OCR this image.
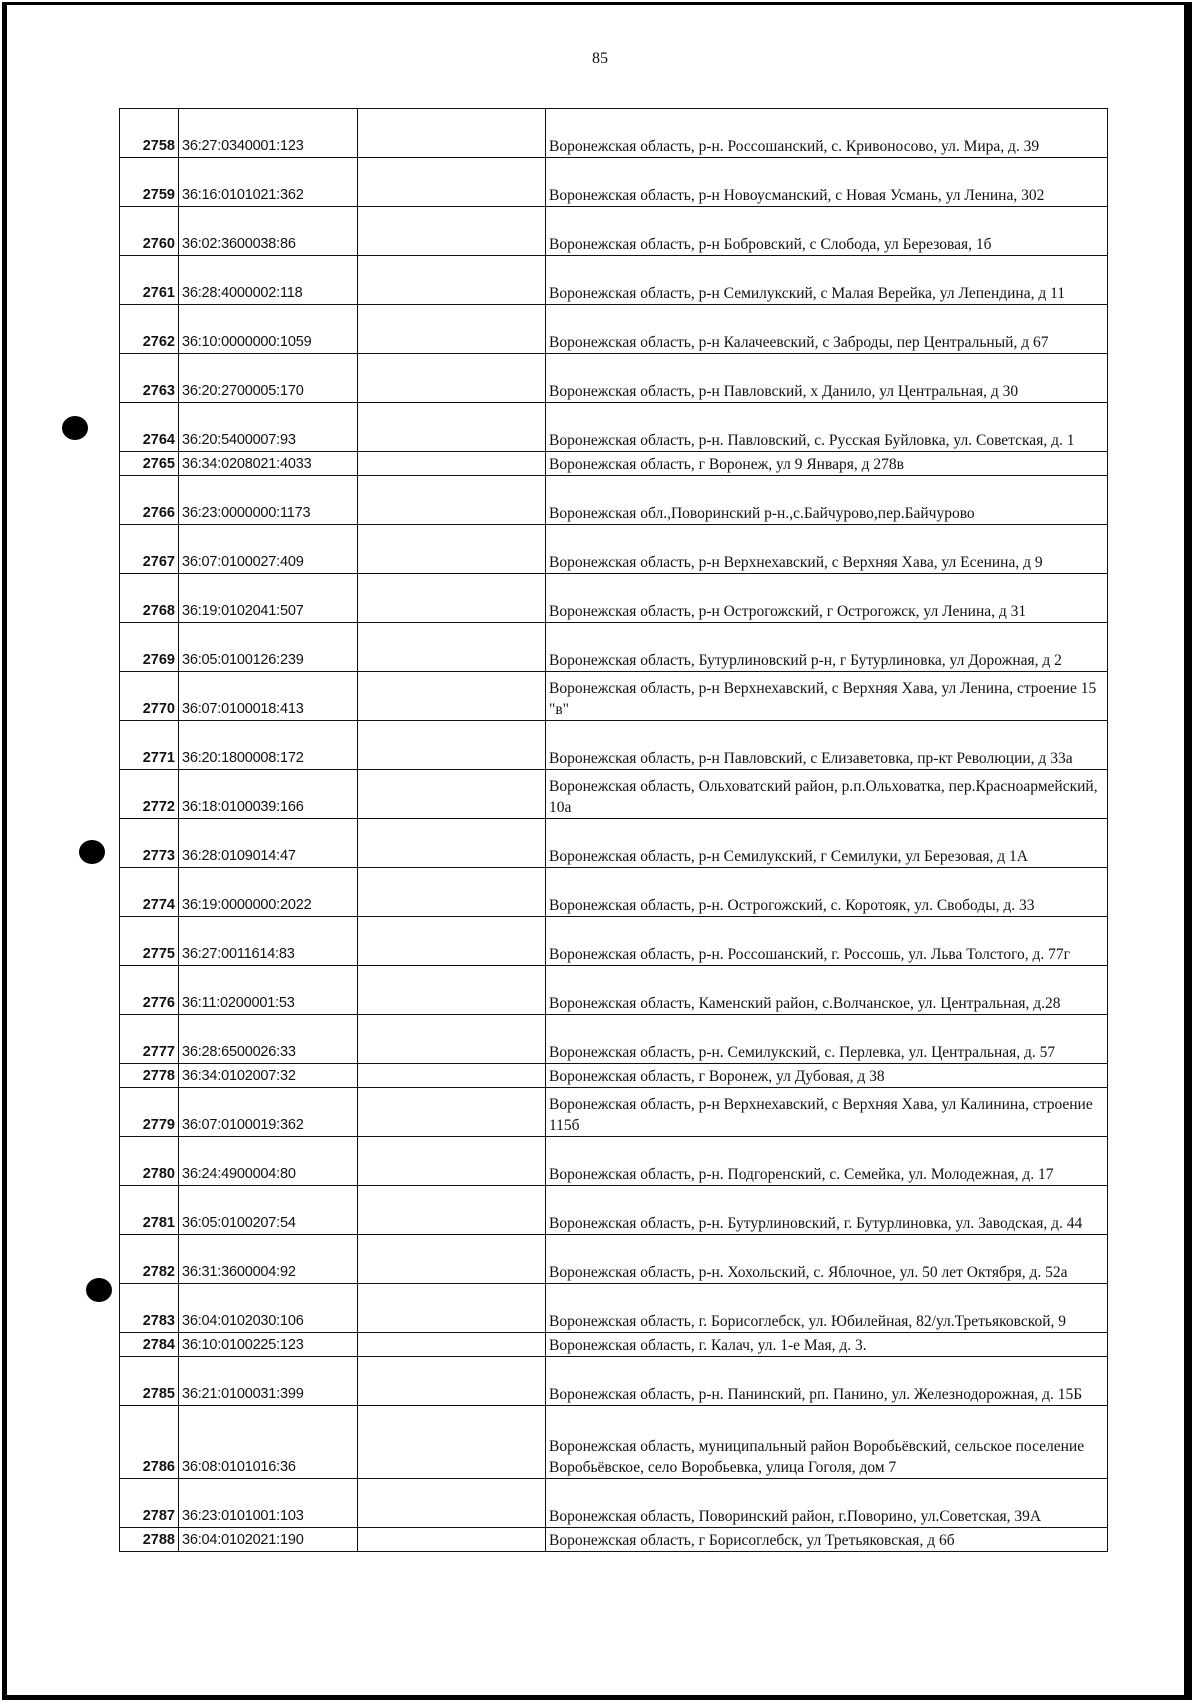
85
2758	36:27:0340001:123		Воронежская область, р-н. Россошанский, с. Кривоносово, ул. Мира, д. 39
2759	36:16:0101021:362		Воронежская область, р-н Новоусманский, с Новая Усмань, ул Ленина, 302
2760	36:02:3600038:86		Воронежская область, р-н Бобровский, с Слобода, ул Березовая, 1б
2761	36:28:4000002:118		Воронежская область, р-н Семилукский, с Малая Верейка, ул Лепендина, д 11
2762	36:10:0000000:1059		Воронежская область, р-н Калачеевский, с Заброды, пер Центральный, д 67
2763	36:20:2700005:170		Воронежская область, р-н Павловский, х Данило, ул Центральная, д 30
2764	36:20:5400007:93		Воронежская область, р-н. Павловский, с. Русская Буйловка, ул. Советская, д. 1
2765	36:34:0208021:4033		Воронежская область, г Воронеж, ул 9 Января, д 278в
2766	36:23:0000000:1173		Воронежская обл.,Поворинский р-н.,с.Байчурово,пер.Байчурово
2767	36:07:0100027:409		Воронежская область, р-н Верхнехавский, с Верхняя Хава, ул Есенина, д 9
2768	36:19:0102041:507		Воронежская область, р-н Острогожский, г Острогожск, ул Ленина, д 31
2769	36:05:0100126:239		Воронежская область, Бутурлиновский р-н, г Бутурлиновка, ул Дорожная, д 2
2770	36:07:0100018:413		Воронежская область, р-н Верхнехавский, с Верхняя Хава, ул Ленина, строение 15 "в"
2771	36:20:1800008:172		Воронежская область, р-н Павловский, с Елизаветовка, пр-кт Революции, д 33а
2772	36:18:0100039:166		Воронежская область, Ольховатский район, р.п.Ольховатка, пер.Красноармейский, 10а
2773	36:28:0109014:47		Воронежская область, р-н Семилукский, г Семилуки, ул Березовая, д 1А
2774	36:19:0000000:2022		Воронежская область, р-н. Острогожский, с. Коротояк, ул. Свободы, д. 33
2775	36:27:0011614:83		Воронежская область, р-н. Россошанский, г. Россошь, ул. Льва Толстого, д. 77г
2776	36:11:0200001:53		Воронежская область, Каменский район, с.Волчанское, ул. Центральная, д.28
2777	36:28:6500026:33		Воронежская область, р-н. Семилукский, с. Перлевка, ул. Центральная, д. 57
2778	36:34:0102007:32		Воронежская область, г Воронеж, ул Дубовая, д 38
2779	36:07:0100019:362		Воронежская область, р-н Верхнехавский, с Верхняя Хава, ул Калинина, строение 115б
2780	36:24:4900004:80		Воронежская область, р-н. Подгоренский, с. Семейка, ул. Молодежная, д. 17
2781	36:05:0100207:54		Воронежская область, р-н. Бутурлиновский, г. Бутурлиновка, ул. Заводская, д. 44
2782	36:31:3600004:92		Воронежская область, р-н. Хохольский, с. Яблочное, ул. 50 лет Октября, д. 52а
2783	36:04:0102030:106		Воронежская область, г. Борисоглебск, ул. Юбилейная, 82/ул.Третьяковской, 9
2784	36:10:0100225:123		Воронежская область, г. Калач, ул. 1-е Мая, д. 3.
2785	36:21:0100031:399		Воронежская область, р-н. Панинский, рп. Панино, ул. Железнодорожная, д. 15Б
2786	36:08:0101016:36		Воронежская область, муниципальный район Воробьёвский, сельское поселение Воробьёвское, село Воробьевка, улица Гоголя, дом 7
2787	36:23:0101001:103		Воронежская область, Поворинский район, г.Поворино, ул.Советская, 39А
2788	36:04:0102021:190		Воронежская область, г Борисоглебск, ул Третьяковская, д 6б
